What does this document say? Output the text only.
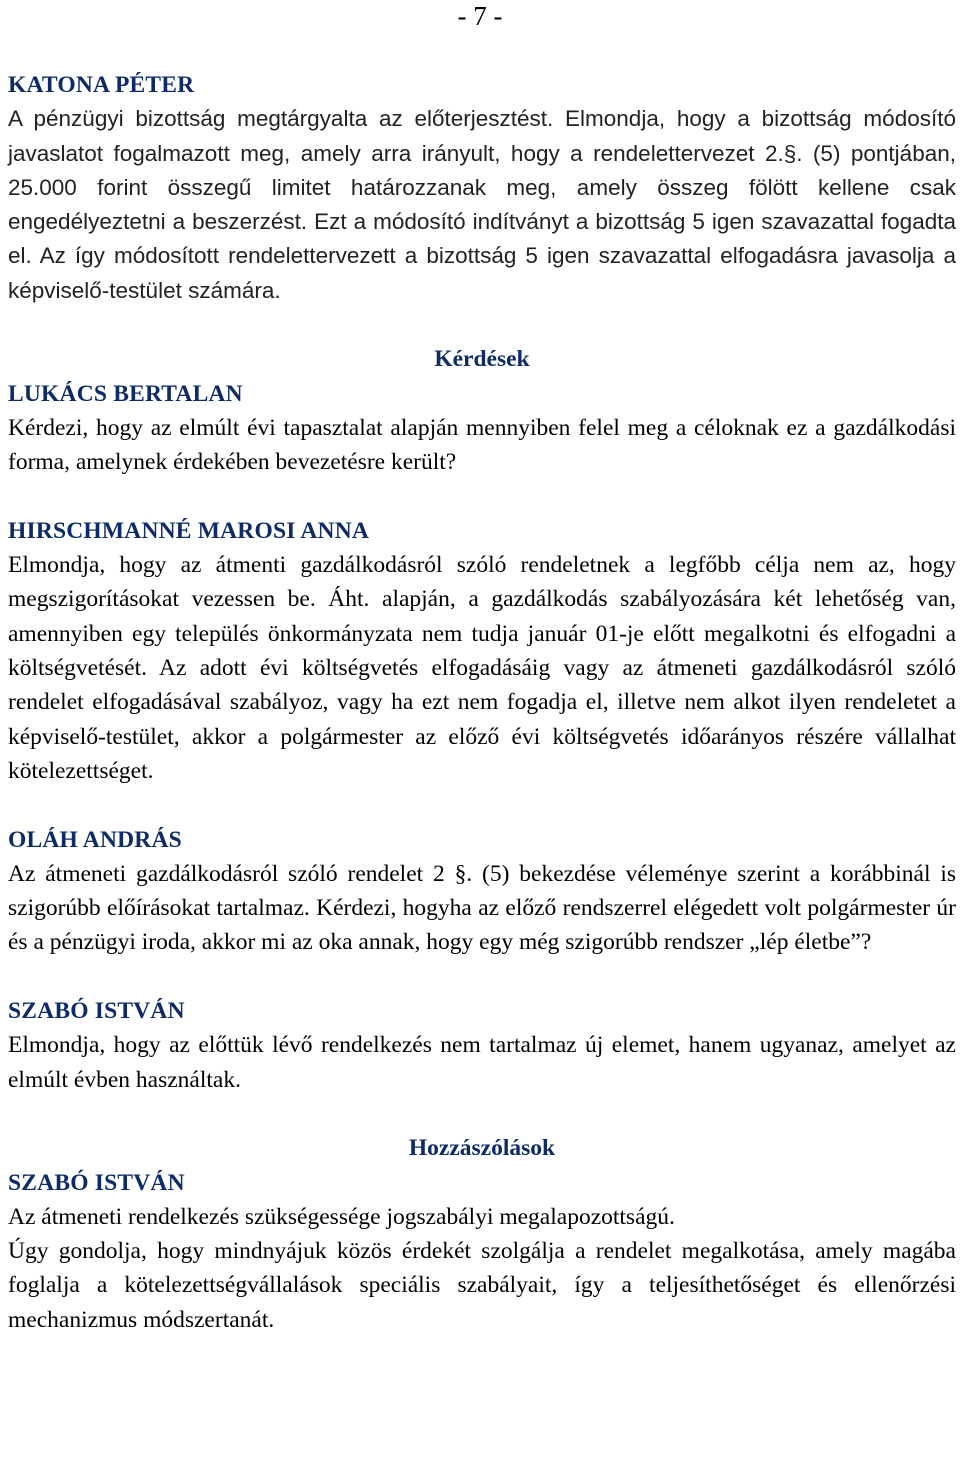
- 7 -
KATONA PÉTER

A pénzügyi bizottság megtárgyalta az előterjesztést. Elmondja, hogy a bizottság módosító javaslatot fogalmazott meg, amely arra irányult, hogy a rendelettervezet 2.§. (5) pontjában, 25.000 forint összegű limitet határozzanak meg, amely összeg fölött kellene csak engedélyeztetni a beszerzést. Ezt a módosító indítványt a bizottság 5 igen szavazattal fogadta el. Az így módosított rendelettervezett a bizottság 5 igen szavazattal elfogadásra javasolja a képviselő-testület számára.

Kérdések
LUKÁCS BERTALAN

Kérdezi, hogy az elmúlt évi tapasztalat alapján mennyiben felel meg a céloknak ez a gazdálkodási forma, amelynek érdekében bevezetésre került?

HIRSCHMANNÉ MAROSI ANNA

Elmondja, hogy az átmenti gazdálkodásról szóló rendeletnek a legfőbb célja nem az, hogy megszigorításokat vezessen be. Áht. alapján, a gazdálkodás szabályozására két lehetőség van, amennyiben egy település önkormányzata nem tudja január 01-je előtt megalkotni és elfogadni a költségvetését. Az adott évi költségvetés elfogadásáig vagy az átmeneti gazdálkodásról szóló rendelet elfogadásával szabályoz, vagy ha ezt nem fogadja el, illetve nem alkot ilyen rendeletet a képviselő-testület, akkor a polgármester az előző évi költségvetés időarányos részére vállalhat kötelezettséget.

OLÁH ANDRÁS

Az átmeneti gazdálkodásról szóló rendelet 2 §. (5) bekezdése véleménye szerint a korábbinál is szigorúbb előírásokat tartalmaz. Kérdezi, hogyha az előző rendszerrel elégedett volt polgármester úr és a pénzügyi iroda, akkor mi az oka annak, hogy egy még szigorúbb rendszer „lép életbe”?

SZABÓ ISTVÁN

Elmondja, hogy az előttük lévő rendelkezés nem tartalmaz új elemet, hanem ugyanaz, amelyet az elmúlt évben használtak.

Hozzászólások
SZABÓ ISTVÁN

Az átmeneti rendelkezés szükségessége jogszabályi megalapozottságú.

Úgy gondolja, hogy mindnyájuk közös érdekét szolgálja a rendelet megalkotása, amely magába foglalja a kötelezettségvállalások speciális szabályait, így a teljesíthetőséget és ellenőrzési mechanizmus módszertanát.
